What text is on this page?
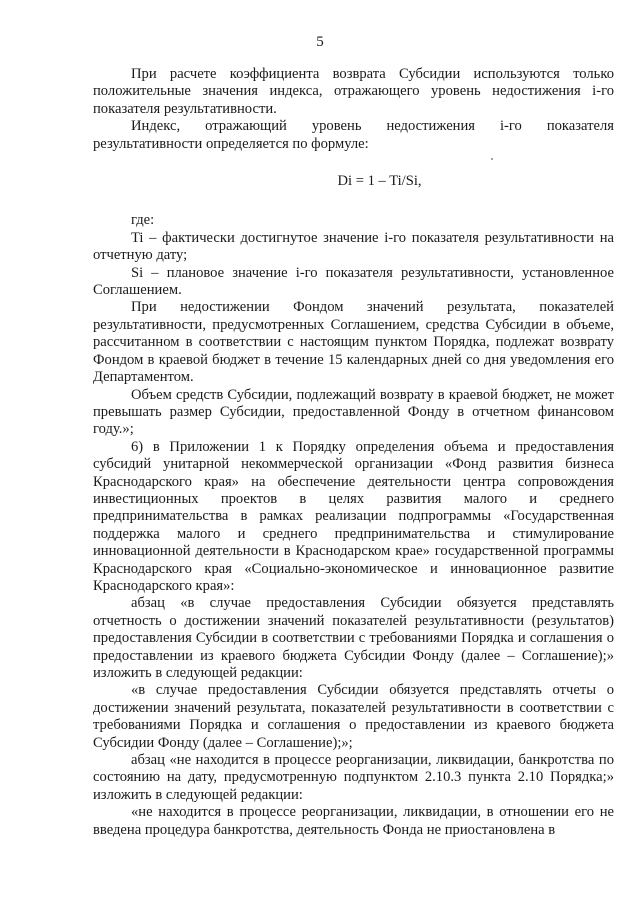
5

При расчете коэффициента возврата Субсидии используются только положительные значения индекса, отражающего уровень недостижения i-го показателя результативности.

Индекс, отражающий уровень недостижения i-го показателя результативности определяется по формуле:

Di = 1 – Ti/Si,

где:

Ti – фактически достигнутое значение i-го показателя результативности на отчетную дату;

Si – плановое значение i-го показателя результативности, установленное Соглашением.

При недостижении Фондом значений результата, показателей результативности, предусмотренных Соглашением, средства Субсидии в объеме, рассчитанном в соответствии с настоящим пунктом Порядка, подлежат возврату Фондом в краевой бюджет в течение 15 календарных дней со дня уведомления его Департаментом.

Объем средств Субсидии, подлежащий возврату в краевой бюджет, не может превышать размер Субсидии, предоставленной Фонду в отчетном финансовом году.»;

6) в Приложении 1 к Порядку определения объема и предоставления субсидий унитарной некоммерческой организации «Фонд развития бизнеса Краснодарского края» на обеспечение деятельности центра сопровождения инвестиционных проектов в целях развития малого и среднего предпринимательства в рамках реализации подпрограммы «Государственная поддержка малого и среднего предпринимательства и стимулирование инновационной деятельности в Краснодарском крае» государственной программы Краснодарского края «Социально-экономическое и инновационное развитие Краснодарского края»:

абзац «в случае предоставления Субсидии обязуется представлять отчетность о достижении значений показателей результативности (результатов) предоставления Субсидии в соответствии с требованиями Порядка и соглашения о предоставлении из краевого бюджета Субсидии Фонду (далее – Соглашение);» изложить в следующей редакции:

«в случае предоставления Субсидии обязуется представлять отчеты о достижении значений результата, показателей результативности в соответствии с требованиями Порядка и соглашения о предоставлении из краевого бюджета Субсидии Фонду (далее – Соглашение);»;

абзац «не находится в процессе реорганизации, ликвидации, банкротства по состоянию на дату, предусмотренную подпунктом 2.10.3 пункта 2.10 Порядка;» изложить в следующей редакции:

«не находится в процессе реорганизации, ликвидации, в отношении его не введена процедура банкротства, деятельность Фонда не приостановлена в
